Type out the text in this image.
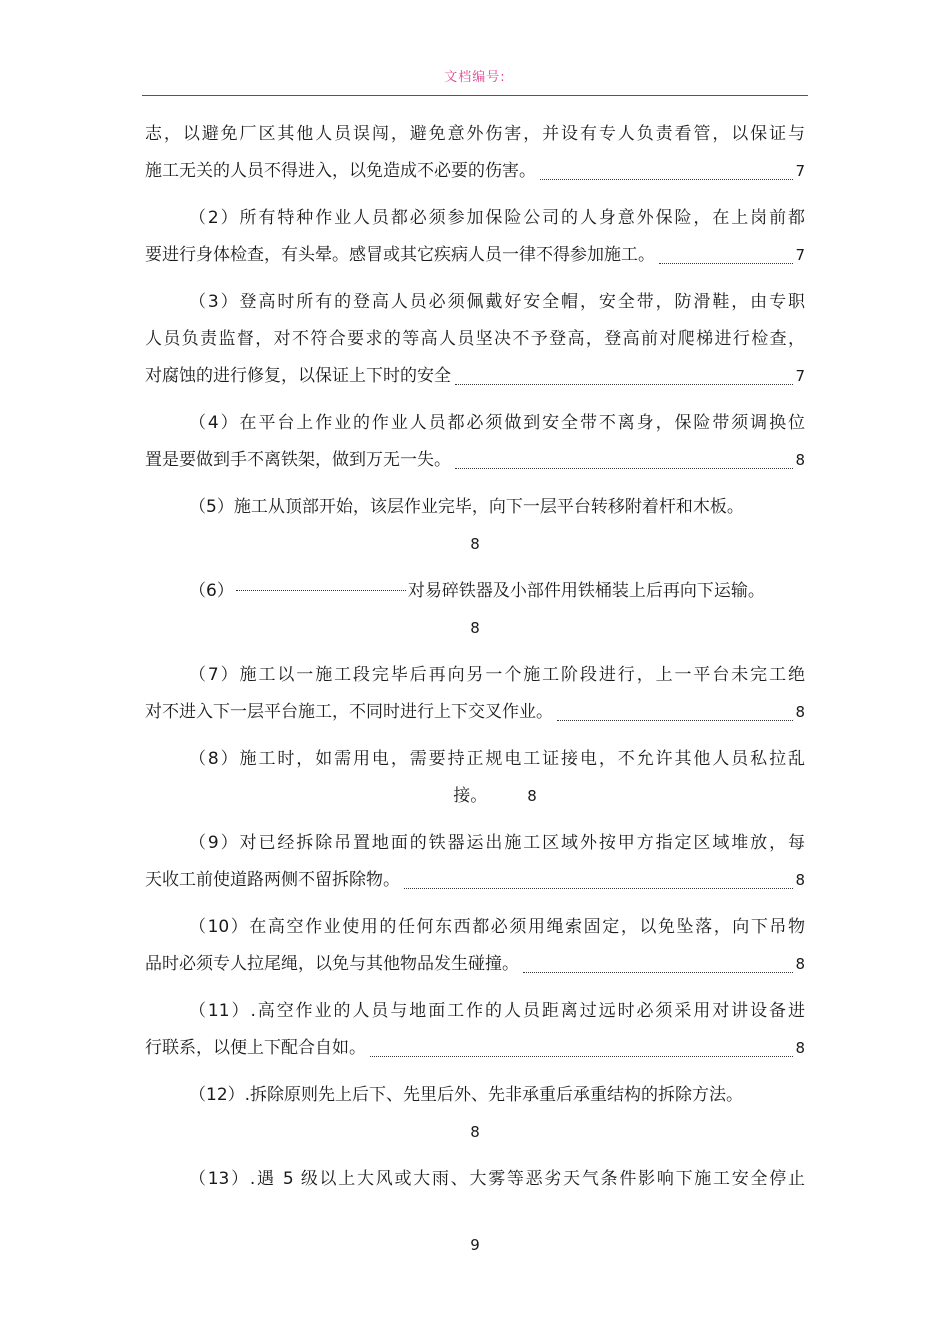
文档编号:
志，以避免厂区其他人员误闯，避免意外伤害，并设有专人负责看管，以保证与
施工无关的人员不得进入，以免造成不必要的伤害。	7
（2）所有特种作业人员都必须参加保险公司的人身意外保险，在上岗前都
要进行身体检查，有头晕。感冒或其它疾病人员一律不得参加施工。	7
（3）登高时所有的登高人员必须佩戴好安全帽，安全带，防滑鞋，由专职
人员负责监督，对不符合要求的等高人员坚决不予登高，登高前对爬梯进行检查，
对腐蚀的进行修复，以保证上下时的安全	7
（4）在平台上作业的作业人员都必须做到安全带不离身，保险带须调换位
置是要做到手不离铁架，做到万无一失。	8
（5）施工从顶部开始，该层作业完毕，向下一层平台转移附着杆和木板。
8
（6）	对易碎铁器及小部件用铁桶装上后再向下运输。
8
（7）施工以一施工段完毕后再向另一个施工阶段进行，上一平台未完工绝
对不进入下一层平台施工，不同时进行上下交叉作业。	8
（8）施工时，如需用电，需要持正规电工证接电，不允许其他人员私拉乱
接。	8
（9）对已经拆除吊置地面的铁器运出施工区域外按甲方指定区域堆放，每
天收工前使道路两侧不留拆除物。	8
（10）在高空作业使用的任何东西都必须用绳索固定，以免坠落，向下吊物
品时必须专人拉尾绳，以免与其他物品发生碰撞。	8
（11）.高空作业的人员与地面工作的人员距离过远时必须采用对讲设备进
行联系，以便上下配合自如。	8
（12）.拆除原则先上后下、先里后外、先非承重后承重结构的拆除方法。
8
（13）.遇 5 级以上大风或大雨、大雾等恶劣天气条件影响下施工安全停止
9
